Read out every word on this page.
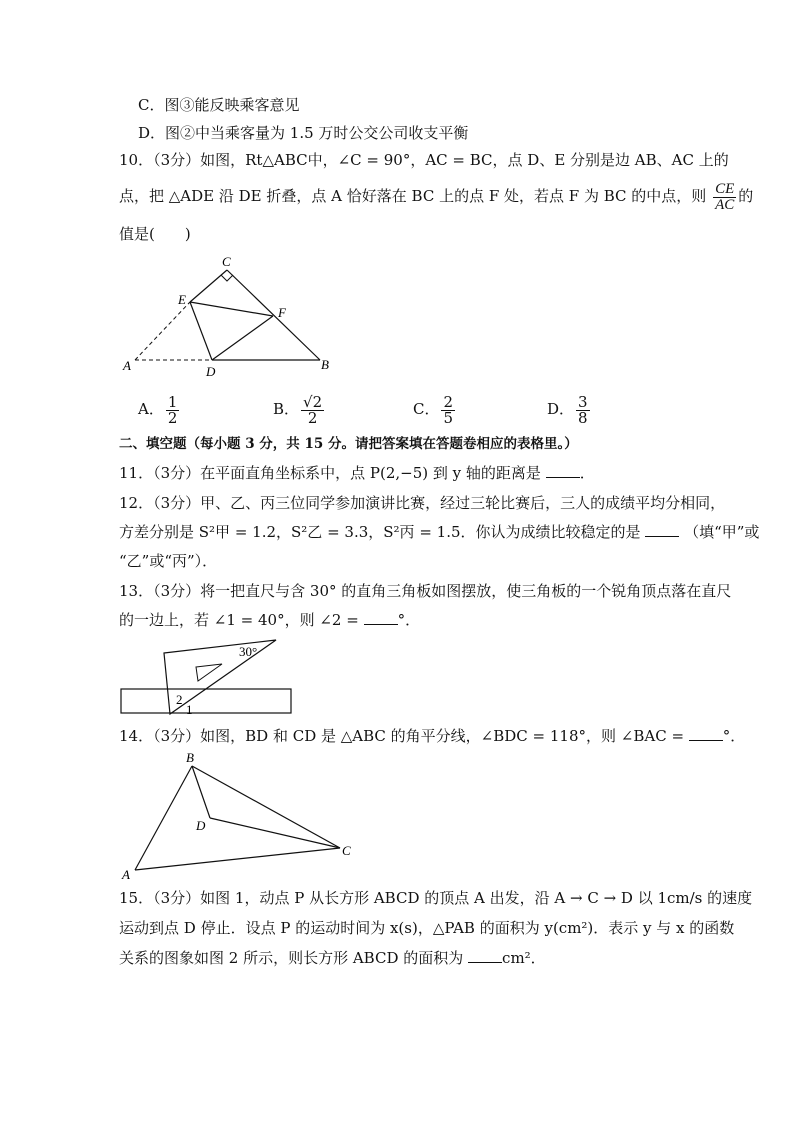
C．图③能反映乘客意见
D．图②中当乘客量为 1.5 万时公交公司收支平衡
10．（3分）如图，Rt△ABC中，∠C = 90°，AC = BC，点 D、E 分别是边 AB、AC 上的
点，把 △ADE 沿 DE 折叠，点 A 恰好落在 BC 上的点 F 处，若点 F 为 BC 的中点，则 $\frac{CE}{AC}$ 的
值是(　　)
C
E
F
A	D	B
A． $\frac{1}{2}$	B． $\frac{√2}{2}$	C． $\frac{2}{5}$	D． $\frac{3}{8}$
二、填空题（每小题 3 分，共 15 分。请把答案填在答题卷相应的表格里。）
11．（3分）在平面直角坐标系中，点 P(2,−5) 到 y 轴的距离是	．
12．（3分）甲、乙、丙三位同学参加演讲比赛，经过三轮比赛后，三人的成绩平均分相同，
方差分别是 S²甲 = 1.2，S²乙 = 3.3，S²丙 = 1.5．你认为成绩比较稳定的是	（填“甲”或
“乙”或“丙”）．
13．（3分）将一把直尺与含 30° 的直角三角板如图摆放，使三角板的一个锐角顶点落在直尺
的一边上，若 ∠1 = 40°，则 ∠2 =	°．
30°
2
1
14．（3分）如图，BD 和 CD 是 △ABC 的角平分线，∠BDC = 118°，则 ∠BAC =	°．
B
D
A
C
15．（3分）如图 1，动点 P 从长方形 ABCD 的顶点 A 出发，沿 A → C → D 以 1cm/s 的速度
运动到点 D 停止．设点 P 的运动时间为 x(s)，△PAB 的面积为 y(cm²)．表示 y 与 x 的函数
关系的图象如图 2 所示，则长方形 ABCD 的面积为	cm²．
